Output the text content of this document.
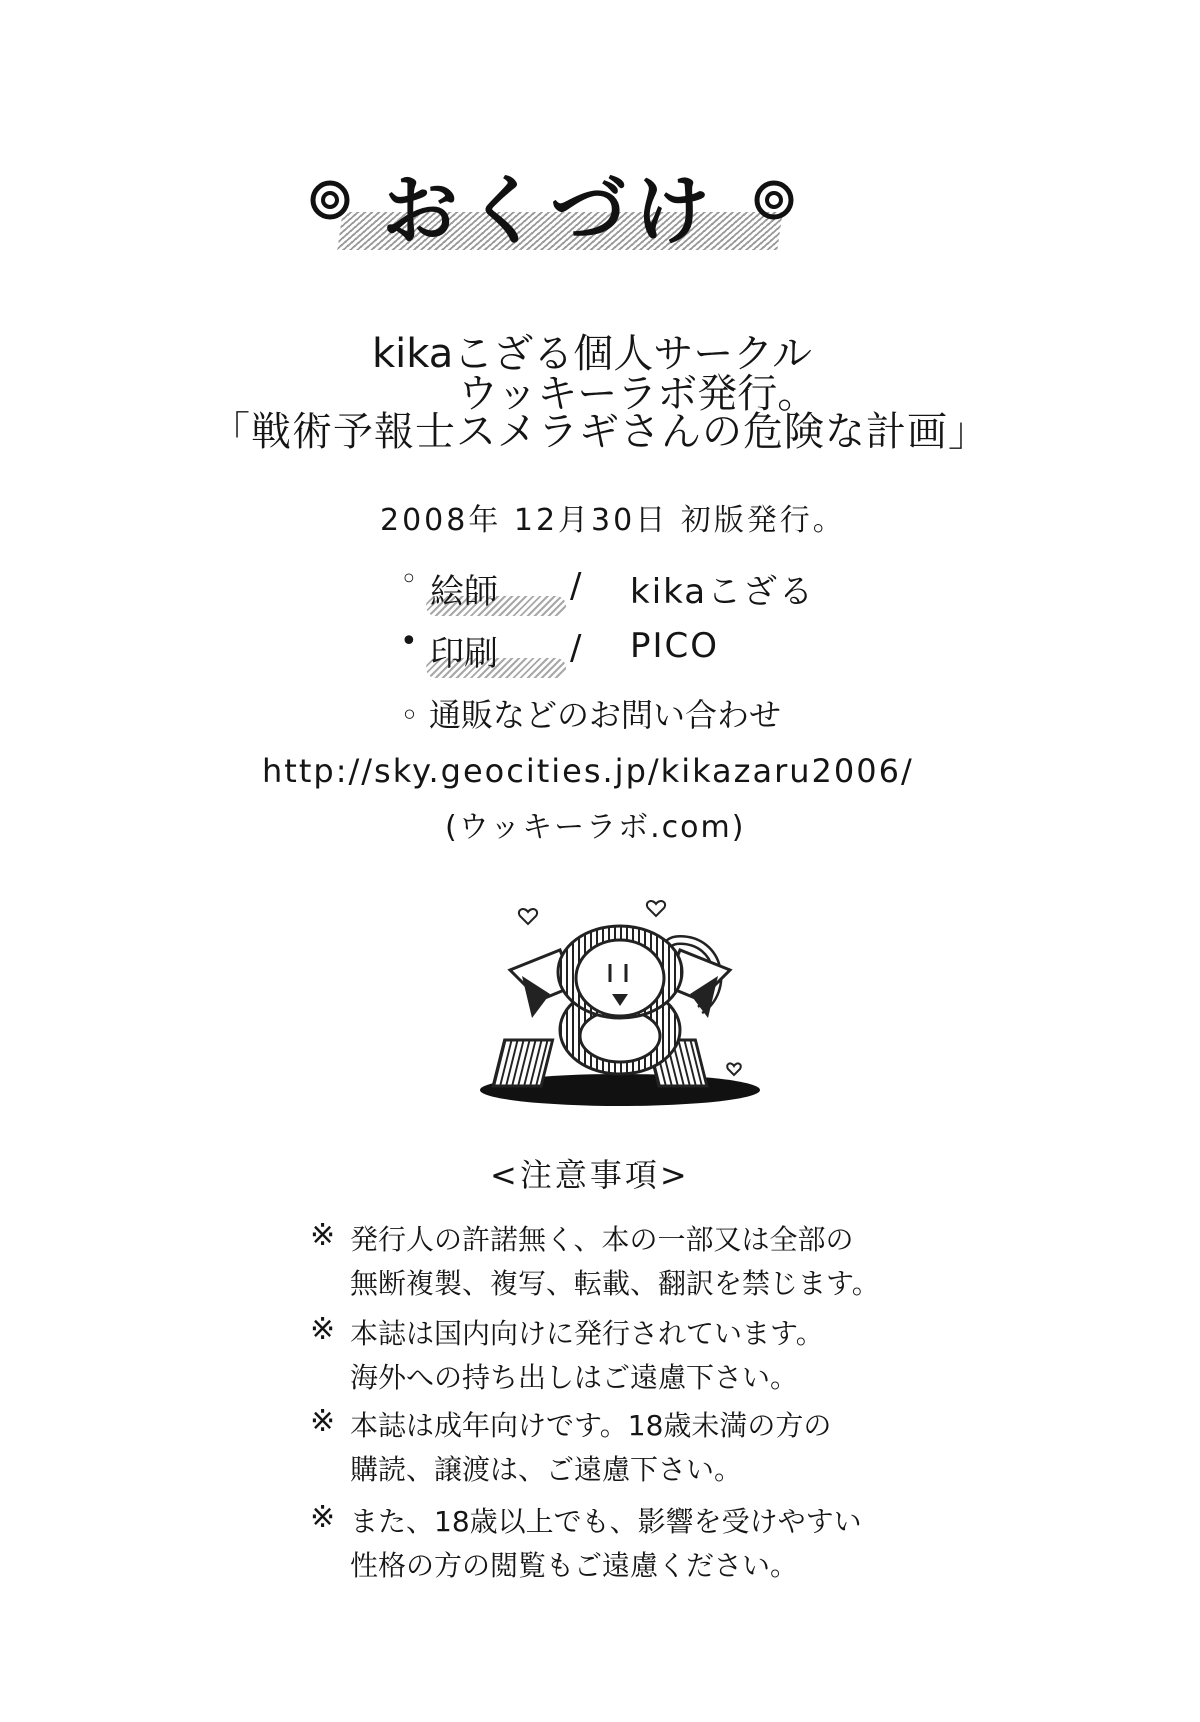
おくづけ
kikaこざる個人サークル
ウッキーラボ発行。
「戦術予報士スメラギさんの危険な計画」
2008年 12月30日 初版発行。
◦ 絵師 / kikaこざる
• 印刷 / PICO
◦ 通販などのお問い合わせ
http://sky.geocities.jp/kikazaru2006/
(ウッキーラボ.com)
<注意事項>
※ 発行人の許諾無く、本の一部又は全部の
無断複製、複写、転載、翻訳を禁じます。
※ 本誌は国内向けに発行されています。
海外への持ち出しはご遠慮下さい。
※ 本誌は成年向けです。18歳未満の方の
購読、譲渡は、ご遠慮下さい。
※ また、18歳以上でも、影響を受けやすい
性格の方の閲覧もご遠慮ください。
